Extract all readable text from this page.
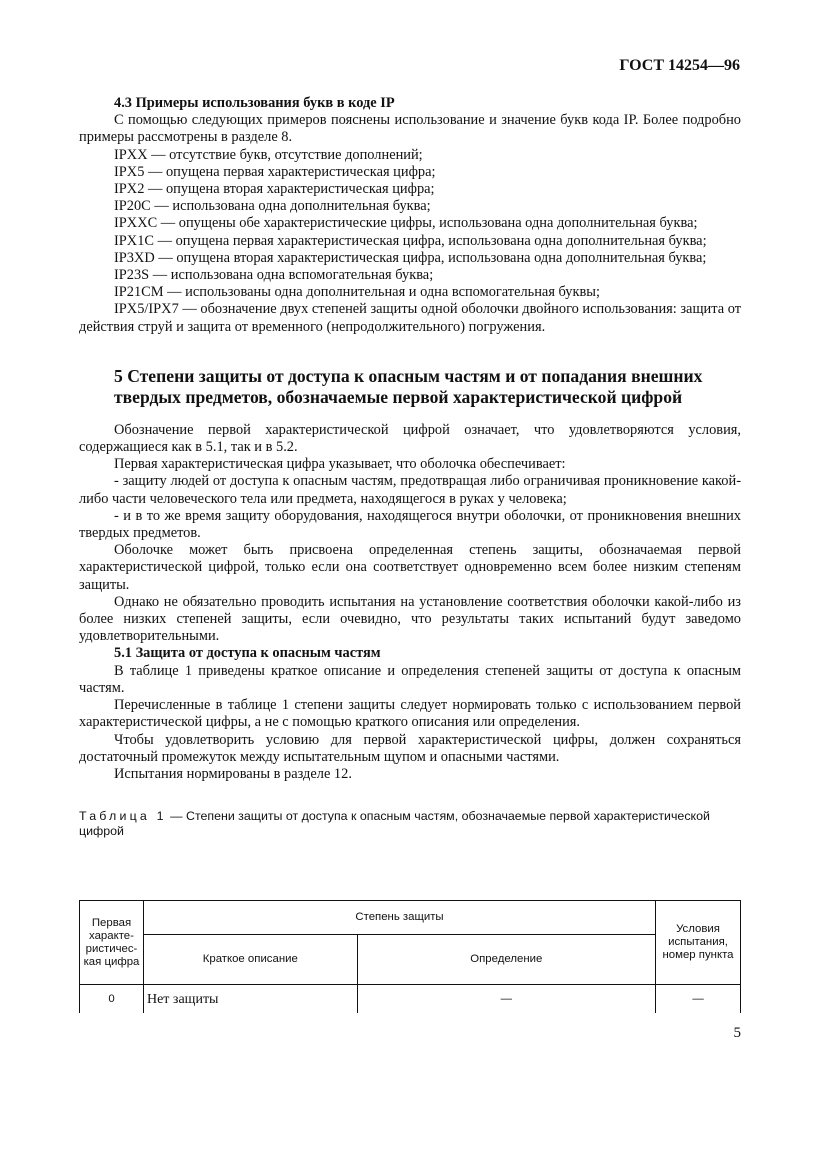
ГОСТ 14254—96
4.3 Примеры использования букв в коде IP
С помощью следующих примеров пояснены использование и значение букв кода IP. Более подробно примеры рассмотрены в разделе 8.
IPXX — отсутствие букв, отсутствие дополнений;
IPX5 — опущена первая характеристическая цифра;
IPX2 — опущена вторая характеристическая цифра;
IP20C — использована одна дополнительная буква;
IPXXC — опущены обе характеристические цифры, использована одна дополнительная буква;
IPX1C — опущена первая характеристическая цифра, использована одна дополнительная буква;
IP3XD — опущена вторая характеристическая цифра, использована одна дополнительная буква;
IP23S — использована одна вспомогательная буква;
IP21CM — использованы одна дополнительная и одна вспомогательная буквы;
IPX5/IPX7 — обозначение двух степеней защиты одной оболочки двойного использования: защита от действия струй и защита от временного (непродолжительного) погружения.
5 Степени защиты от доступа к опасным частям и от попадания внешних твердых предметов, обозначаемые первой характеристической цифрой
Обозначение первой характеристической цифрой означает, что удовлетворяются условия, содержащиеся как в 5.1, так и в 5.2.
Первая характеристическая цифра указывает, что оболочка обеспечивает:
- защиту людей от доступа к опасным частям, предотвращая либо ограничивая проникновение какой-либо части человеческого тела или предмета, находящегося в руках у человека;
- и в то же время защиту оборудования, находящегося внутри оболочки, от проникновения внешних твердых предметов.
Оболочке может быть присвоена определенная степень защиты, обозначаемая первой характеристической цифрой, только если она соответствует одновременно всем более низким степеням защиты.
Однако не обязательно проводить испытания на установление соответствия оболочки какой-либо из более низких степеней защиты, если очевидно, что результаты таких испытаний будут заведомо удовлетворительными.
5.1 Защита от доступа к опасным частям
В таблице 1 приведены краткое описание и определения степеней защиты от доступа к опасным частям.
Перечисленные в таблице 1 степени защиты следует нормировать только с использованием первой характеристической цифры, а не с помощью краткого описания или определения.
Чтобы удовлетворить условию для первой характеристической цифры, должен сохраняться достаточный промежуток между испытательным щупом и опасными частями.
Испытания нормированы в разделе 12.
Таблица 1 — Степени защиты от доступа к опасным частям, обозначаемые первой характеристической цифрой
Первая характе-ристичес-кая цифра	Степень защиты		Условия испытания, номер пункта
	Краткое описание	Определение	
0	Нет защиты	—	—
5
